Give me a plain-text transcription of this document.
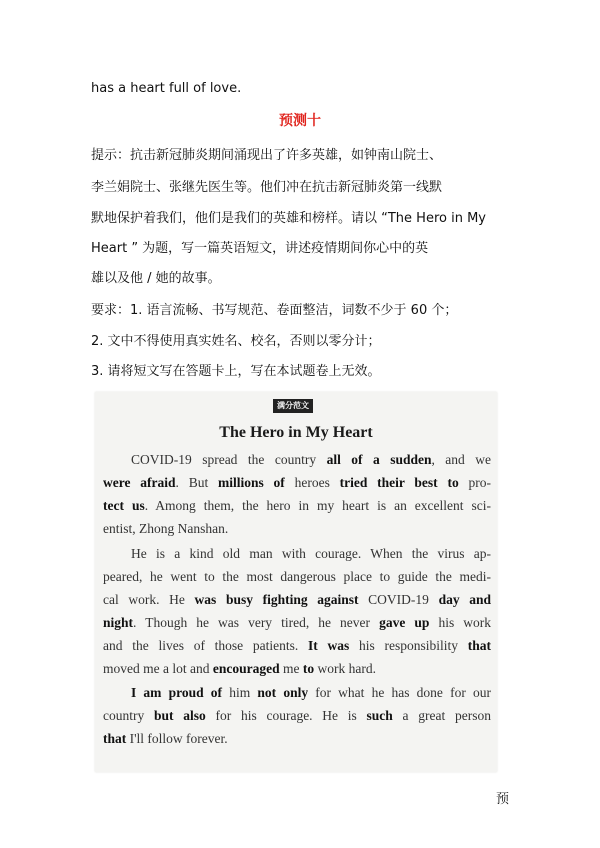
has a heart full of love.
预测十
提示：抗击新冠肺炎期间涌现出了许多英雄，如钟南山院士、
李兰娟院士、张继先医生等。他们冲在抗击新冠肺炎第一线默
默地保护着我们，他们是我们的英雄和榜样。请以 “The Hero in My
Heart ” 为题，写一篇英语短文，讲述疫情期间你心中的英
雄以及他 / 她的故事。
要求：1. 语言流畅、书写规范、卷面整洁，词数不少于 60 个；
2. 文中不得使用真实姓名、校名，否则以零分计；
3. 请将短文写在答题卡上，写在本试题卷上无效。
满分范文
The Hero in My Heart
COVID-19 spread the country all of a sudden, and we
were afraid. But millions of heroes tried their best to pro-
tect us. Among them, the hero in my heart is an excellent sci-
entist, Zhong Nanshan.
He is a kind old man with courage. When the virus ap-
peared, he went to the most dangerous place to guide the medi-
cal work. He was busy fighting against COVID-19 day and
night. Though he was very tired, he never gave up his work
and the lives of those patients. It was his responsibility that
moved me a lot and encouraged me to work hard.
I am proud of him not only for what he has done for our
country but also for his courage. He is such a great person
that I'll follow forever.
预
